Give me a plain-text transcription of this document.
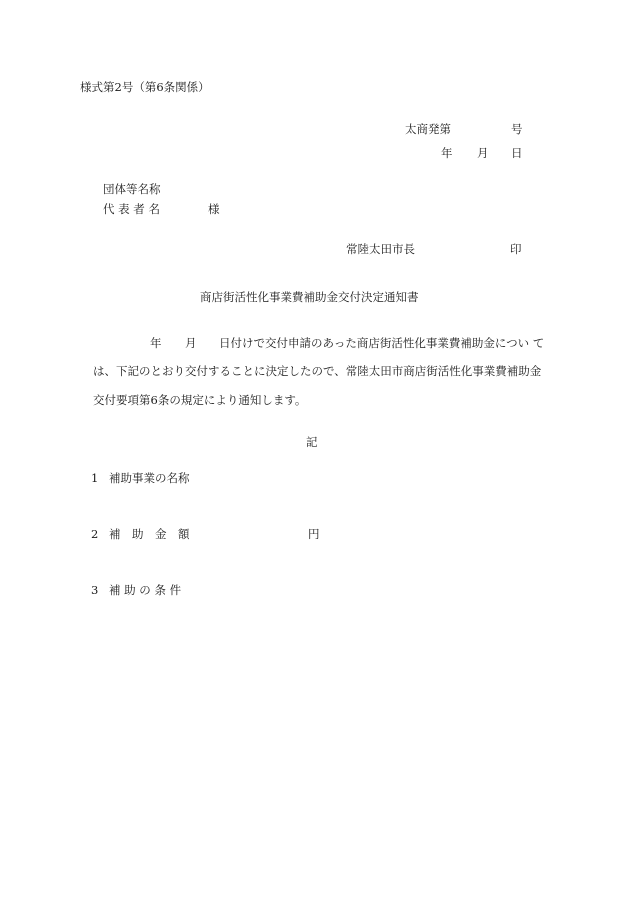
様式第2号（第6条関係）
太商発第	号
年 月 日
団体等名称
代 表 者 名	様
常陸太田市長	印
商店街活性化事業費補助金交付決定通知書
年 月 日付けで交付申請のあった商店街活性化事業費補助金につい て
は、下記のとおり交付することに決定したので、常陸太田市商店街活性化事業費補助金
交付要項第6条の規定により通知します。
記
1 補助事業の名称
2 補　助　金　額	円
3 補 助 の 条 件
